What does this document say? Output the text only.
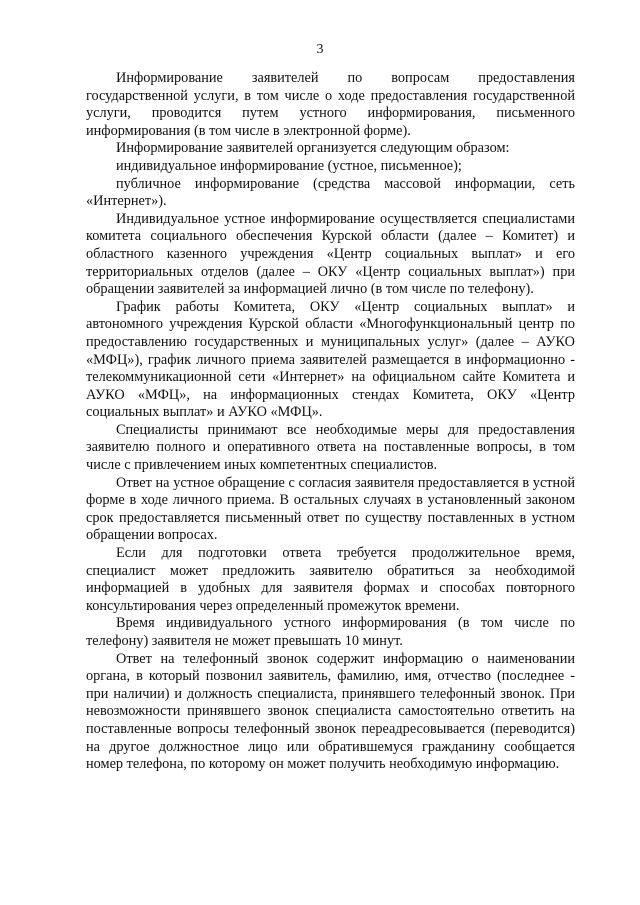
3

Информирование заявителей по вопросам предоставления государственной услуги, в том числе о ходе предоставления государственной услуги, проводится путем устного информирования, письменного информирования (в том числе в электронной форме).

Информирование заявителей организуется следующим образом:

индивидуальное информирование (устное, письменное);

публичное информирование (средства массовой информации, сеть «Интернет»).

Индивидуальное устное информирование осуществляется специалистами комитета социального обеспечения Курской области (далее – Комитет) и областного казенного учреждения «Центр социальных выплат» и его территориальных отделов (далее – ОКУ «Центр социальных выплат») при обращении заявителей за информацией лично (в том числе по телефону).

График работы Комитета, ОКУ «Центр социальных выплат» и автономного учреждения Курской области «Многофункциональный центр по предоставлению государственных и муниципальных услуг» (далее – АУКО «МФЦ»), график личного приема заявителей размещается в информационно - телекоммуникационной сети «Интернет» на официальном сайте Комитета и АУКО «МФЦ», на информационных стендах Комитета, ОКУ «Центр социальных выплат» и АУКО «МФЦ».

Специалисты принимают все необходимые меры для предоставления заявителю полного и оперативного ответа на поставленные вопросы, в том числе с привлечением иных компетентных специалистов.

Ответ на устное обращение с согласия заявителя предоставляется в устной форме в ходе личного приема. В остальных случаях в установленный законом срок предоставляется письменный ответ по существу поставленных в устном обращении вопросах.

Если для подготовки ответа требуется продолжительное время, специалист может предложить заявителю обратиться за необходимой информацией в удобных для заявителя формах и способах повторного консультирования через определенный промежуток времени.

Время индивидуального устного информирования (в том числе по телефону) заявителя не может превышать 10 минут.

Ответ на телефонный звонок содержит информацию о наименовании органа, в который позвонил заявитель, фамилию, имя, отчество (последнее - при наличии) и должность специалиста, принявшего телефонный звонок. При невозможности принявшего звонок специалиста самостоятельно ответить на поставленные вопросы телефонный звонок переадресовывается (переводится) на другое должностное лицо или обратившемуся гражданину сообщается номер телефона, по которому он может получить необходимую информацию.
